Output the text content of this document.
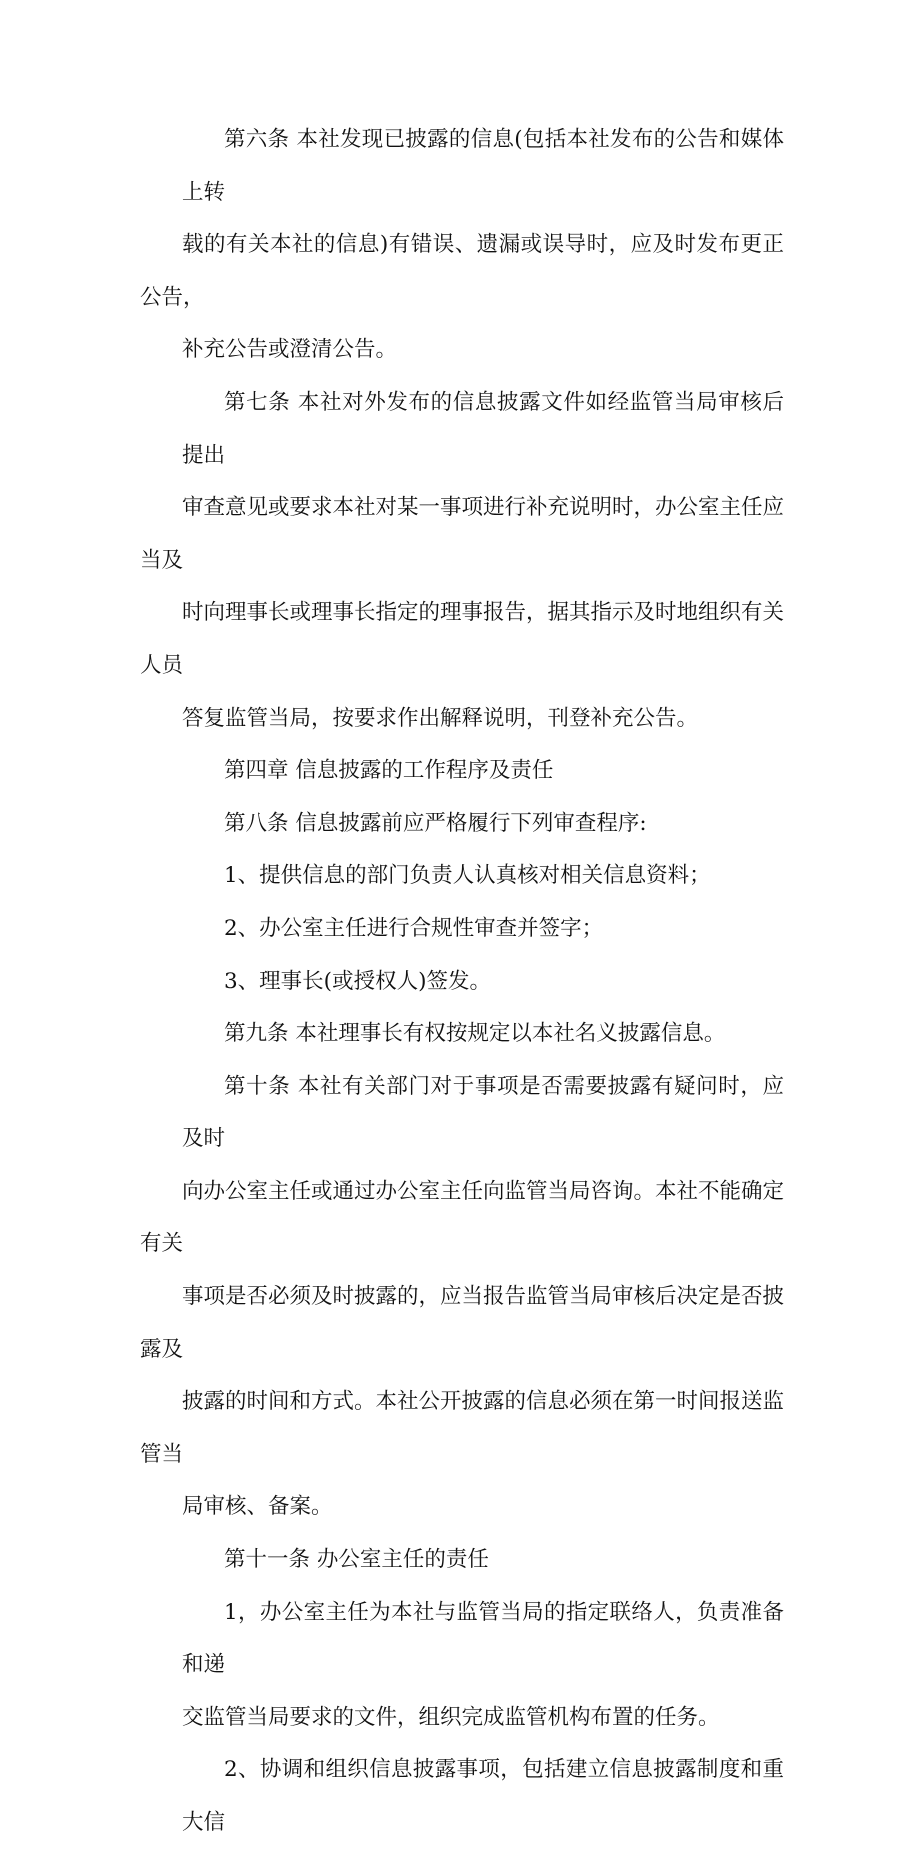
第六条 本社发现已披露的信息(包括本社发布的公告和媒体上转
载的有关本社的信息)有错误、遗漏或误导时，应及时发布更正公告，
补充公告或澄清公告。
第七条 本社对外发布的信息披露文件如经监管当局审核后提出
审查意见或要求本社对某一事项进行补充说明时，办公室主任应当及
时向理事长或理事长指定的理事报告，据其指示及时地组织有关人员
答复监管当局，按要求作出解释说明，刊登补充公告。
第四章 信息披露的工作程序及责任
第八条 信息披露前应严格履行下列审查程序:
1、提供信息的部门负责人认真核对相关信息资料；
2、办公室主任进行合规性审查并签字；
3、理事长(或授权人)签发。
第九条 本社理事长有权按规定以本社名义披露信息。
第十条 本社有关部门对于事项是否需要披露有疑问时，应及时
向办公室主任或通过办公室主任向监管当局咨询。本社不能确定有关
事项是否必须及时披露的，应当报告监管当局审核后决定是否披露及
披露的时间和方式。本社公开披露的信息必须在第一时间报送监管当
局审核、备案。
第十一条 办公室主任的责任
1，办公室主任为本社与监管当局的指定联络人，负责准备和递
交监管当局要求的文件，组织完成监管机构布置的任务。
2、协调和组织信息披露事项，包括建立信息披露制度和重大信
